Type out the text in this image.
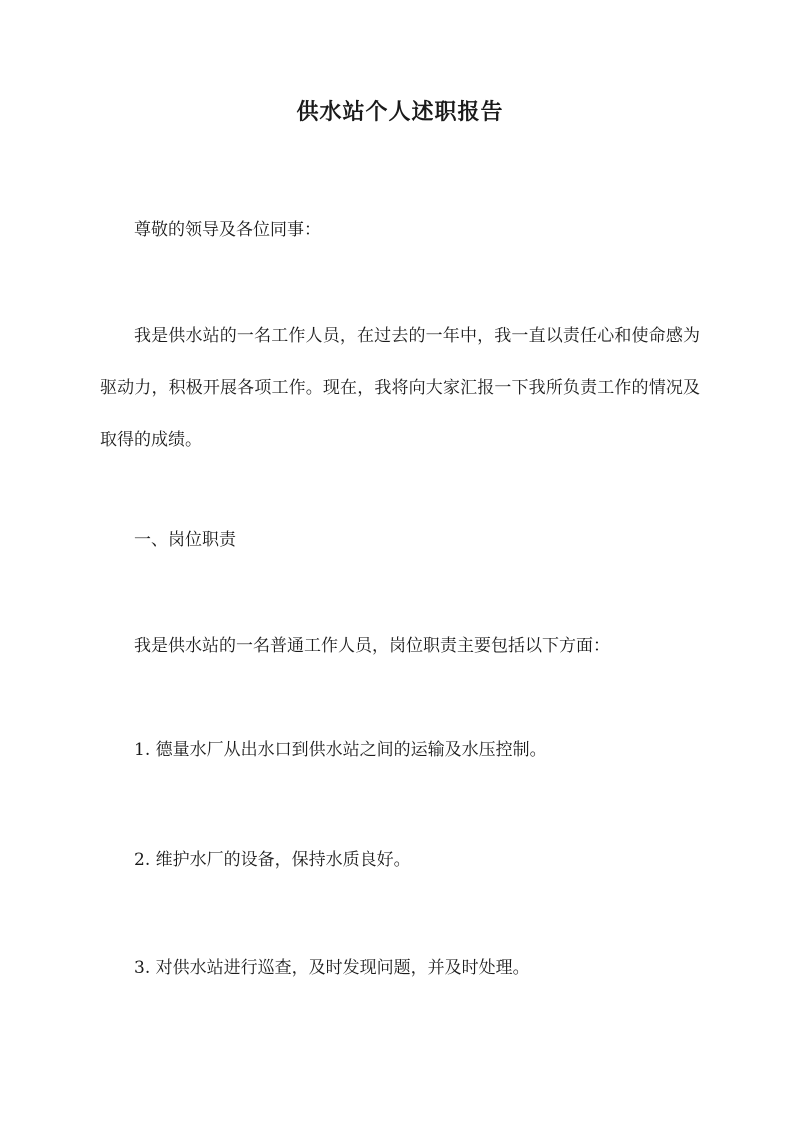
供水站个人述职报告

尊敬的领导及各位同事：

我是供水站的一名工作人员，在过去的一年中，我一直以责任心和使命感为驱动力，积极开展各项工作。现在，我将向大家汇报一下我所负责工作的情况及取得的成绩。

一、岗位职责

我是供水站的一名普通工作人员，岗位职责主要包括以下方面：

1. 德量水厂从出水口到供水站之间的运输及水压控制。

2. 维护水厂的设备，保持水质良好。

3. 对供水站进行巡查，及时发现问题，并及时处理。
